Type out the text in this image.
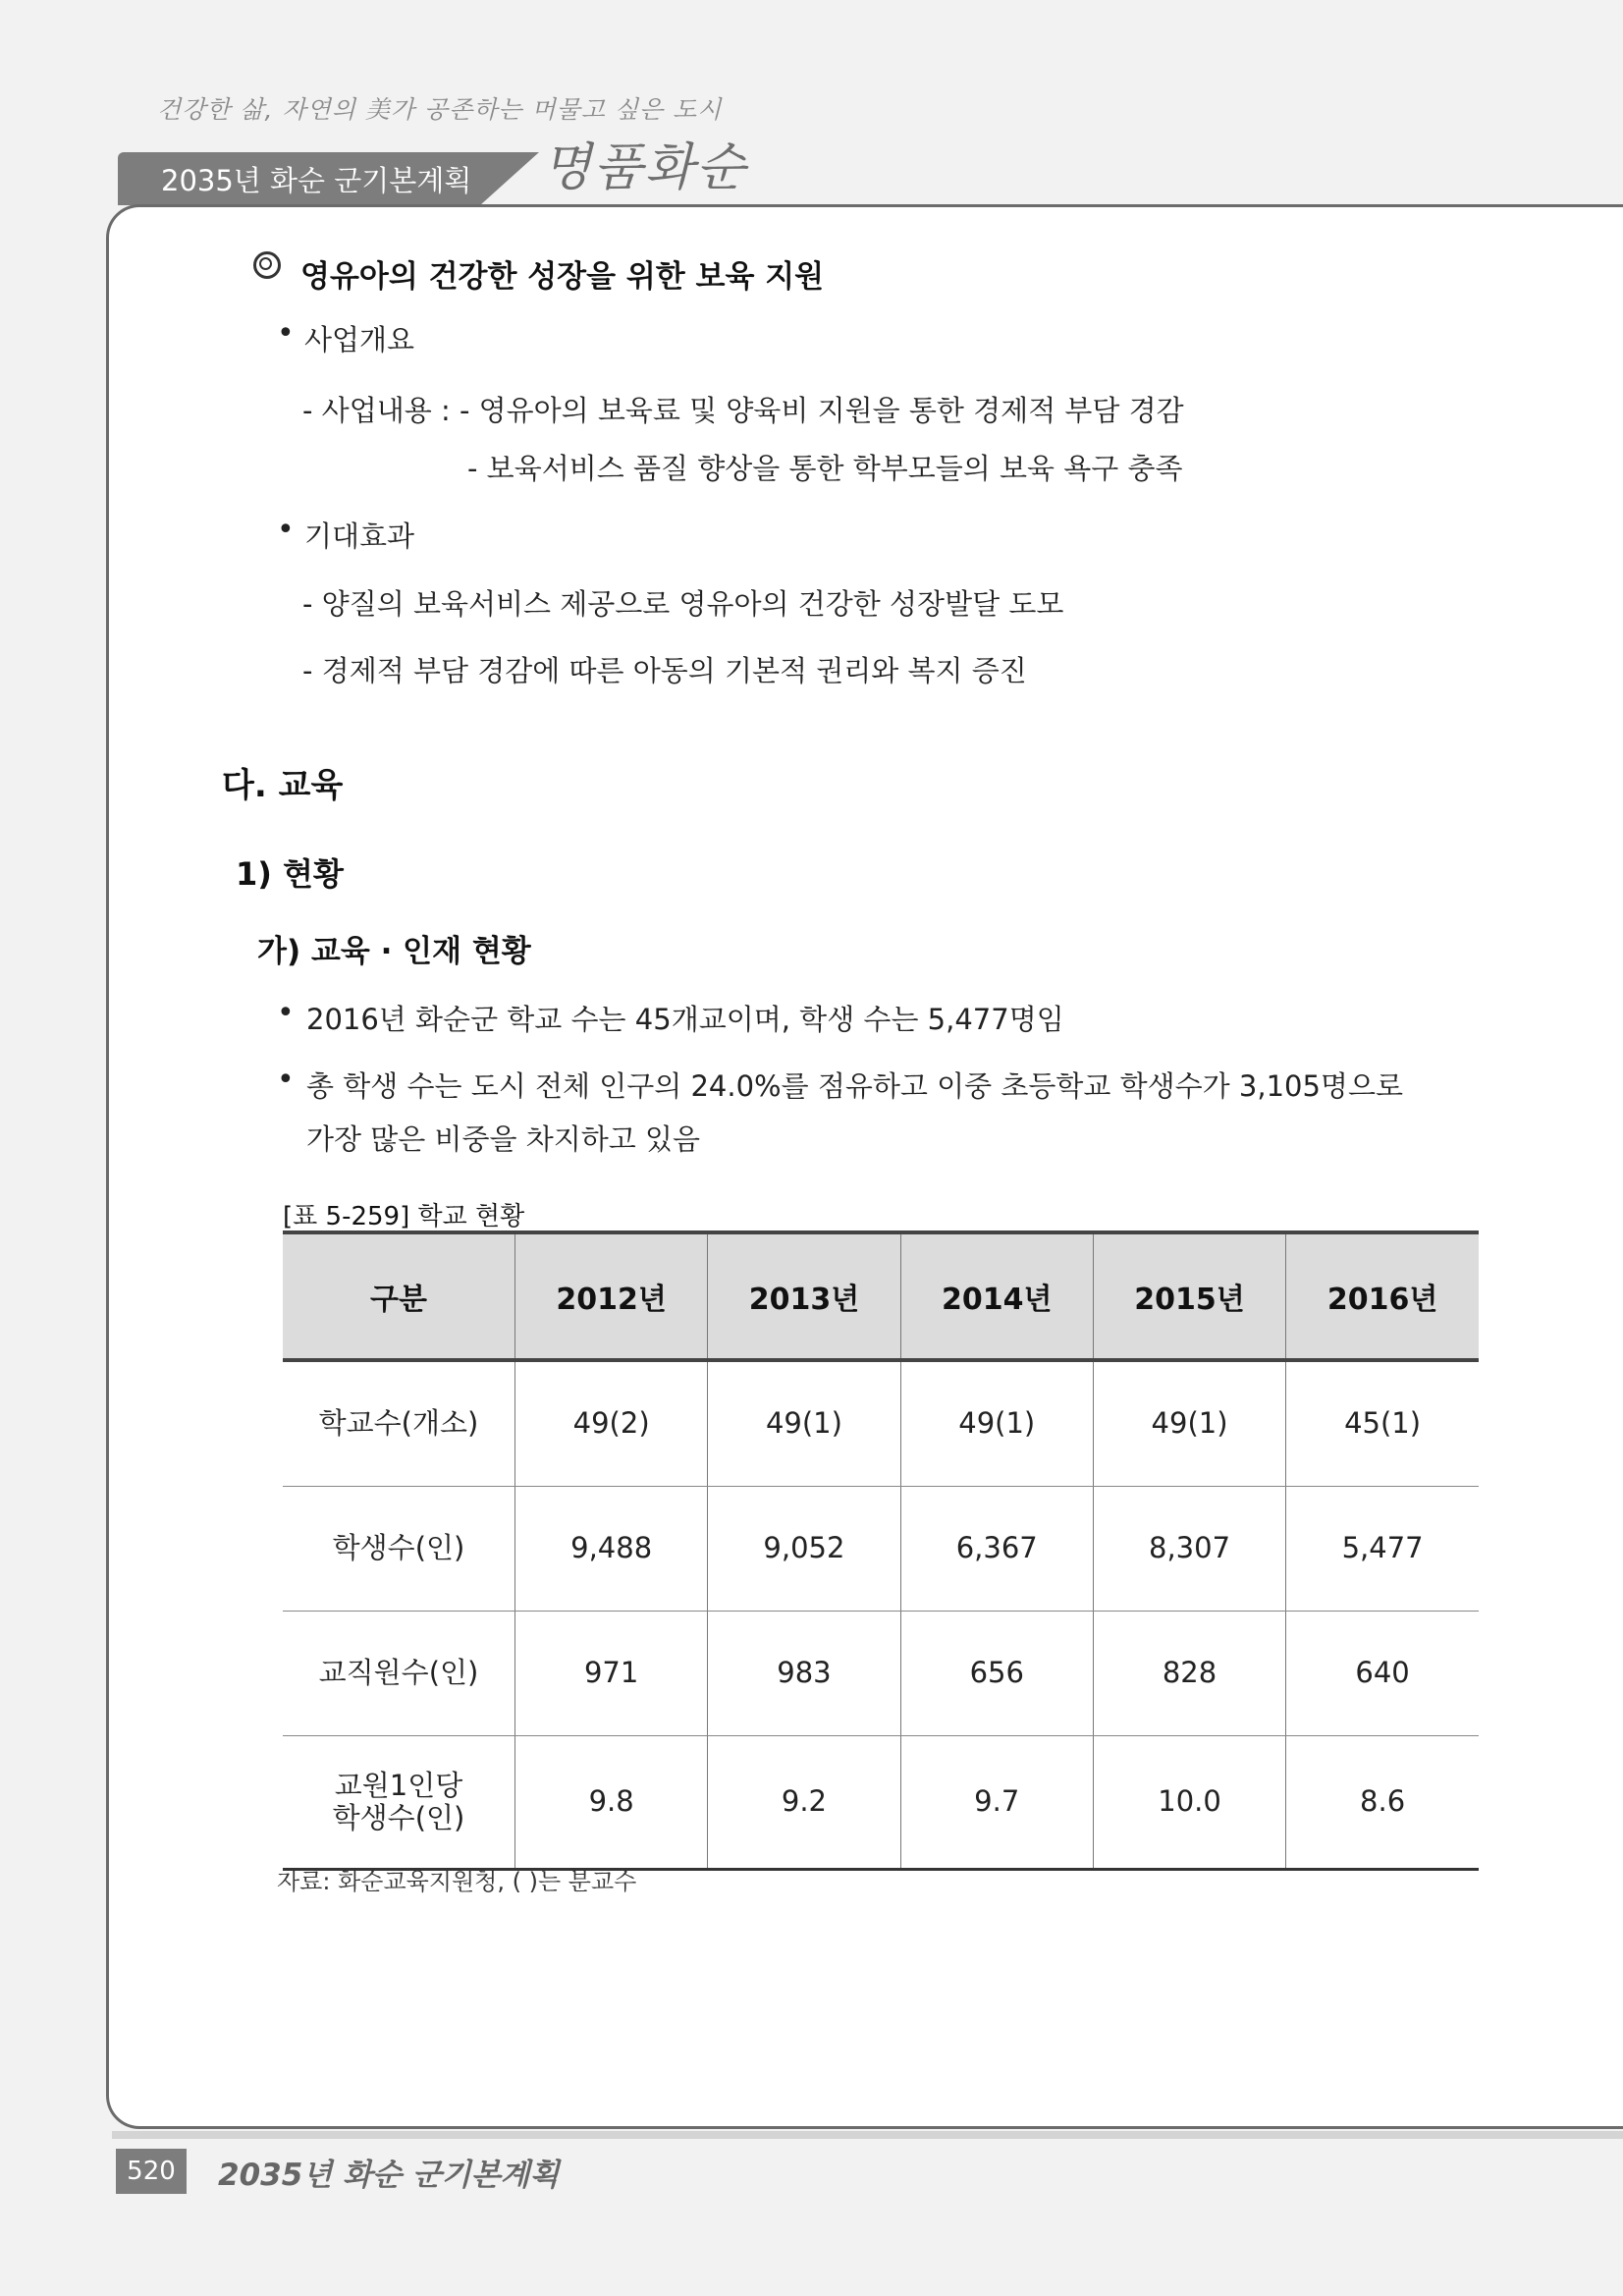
건강한 삶, 자연의 美가 공존하는 머물고 싶은 도시
2035년 화순 군기본계획 명품화순
영유아의 건강한 성장을 위한 보육 지원
• 사업개요
- 사업내용 : - 영유아의 보육료 및 양육비 지원을 통한 경제적 부담 경감
- 보육서비스 품질 향상을 통한 학부모들의 보육 욕구 충족
• 기대효과
- 양질의 보육서비스 제공으로 영유아의 건강한 성장발달 도모
- 경제적 부담 경감에 따른 아동의 기본적 권리와 복지 증진
다. 교육
1) 현황
가) 교육 · 인재 현황
• 2016년 화순군 학교 수는 45개교이며, 학생 수는 5,477명임
• 총 학생 수는 도시 전체 인구의 24.0%를 점유하고 이중 초등학교 학생수가 3,105명으로
가장 많은 비중을 차지하고 있음
[표 5-259] 학교 현황
구분	2012년	2013년	2014년	2015년	2016년
학교수(개소)	49(2)	49(1)	49(1)	49(1)	45(1)
학생수(인)	9,488	9,052	6,367	8,307	5,477
교직원수(인)	971	983	656	828	640
교원1인당
학생수(인)	9.8	9.2	9.7	10.0	8.6
자료: 화순교육지원청, ( )는 분교수
520 2035년 화순 군기본계획
